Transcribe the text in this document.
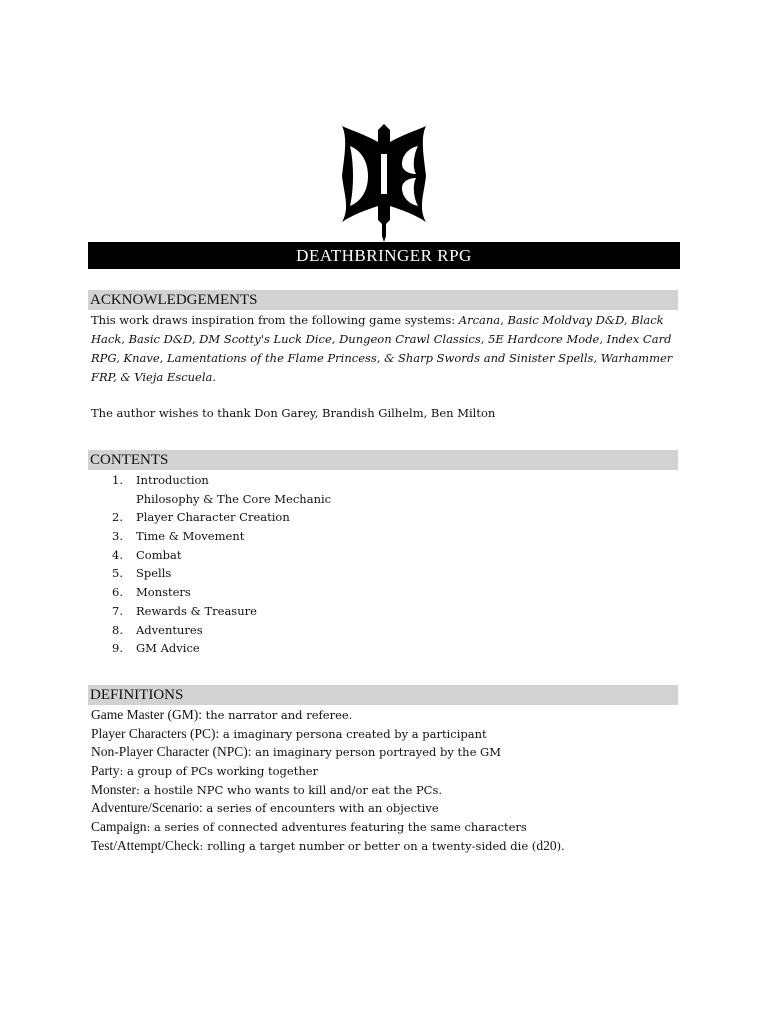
DEATHBRINGER RPG
ACKNOWLEDGEMENTS
This work draws inspiration from the following game systems: Arcana, Basic Moldvay D&D, Black
Hack, Basic D&D, DM Scotty's Luck Dice, Dungeon Crawl Classics, 5E Hardcore Mode, Index Card
RPG, Knave, Lamentations of the Flame Princess, & Sharp Swords and Sinister Spells, Warhammer
FRP, & Vieja Escuela.
The author wishes to thank Don Garey, Brandish Gilhelm, Ben Milton
CONTENTS
1. Introduction
Philosophy & The Core Mechanic
2. Player Character Creation
3. Time & Movement
4. Combat
5. Spells
6. Monsters
7. Rewards & Treasure
8. Adventures
9. GM Advice
DEFINITIONS
Game Master (GM): the narrator and referee.
Player Characters (PC): a imaginary persona created by a participant
Non-Player Character (NPC): an imaginary person portrayed by the GM
Party: a group of PCs working together
Monster: a hostile NPC who wants to kill and/or eat the PCs.
Adventure/Scenario: a series of encounters with an objective
Campaign: a series of connected adventures featuring the same characters
Test/Attempt/Check: rolling a target number or better on a twenty-sided die (d20).
